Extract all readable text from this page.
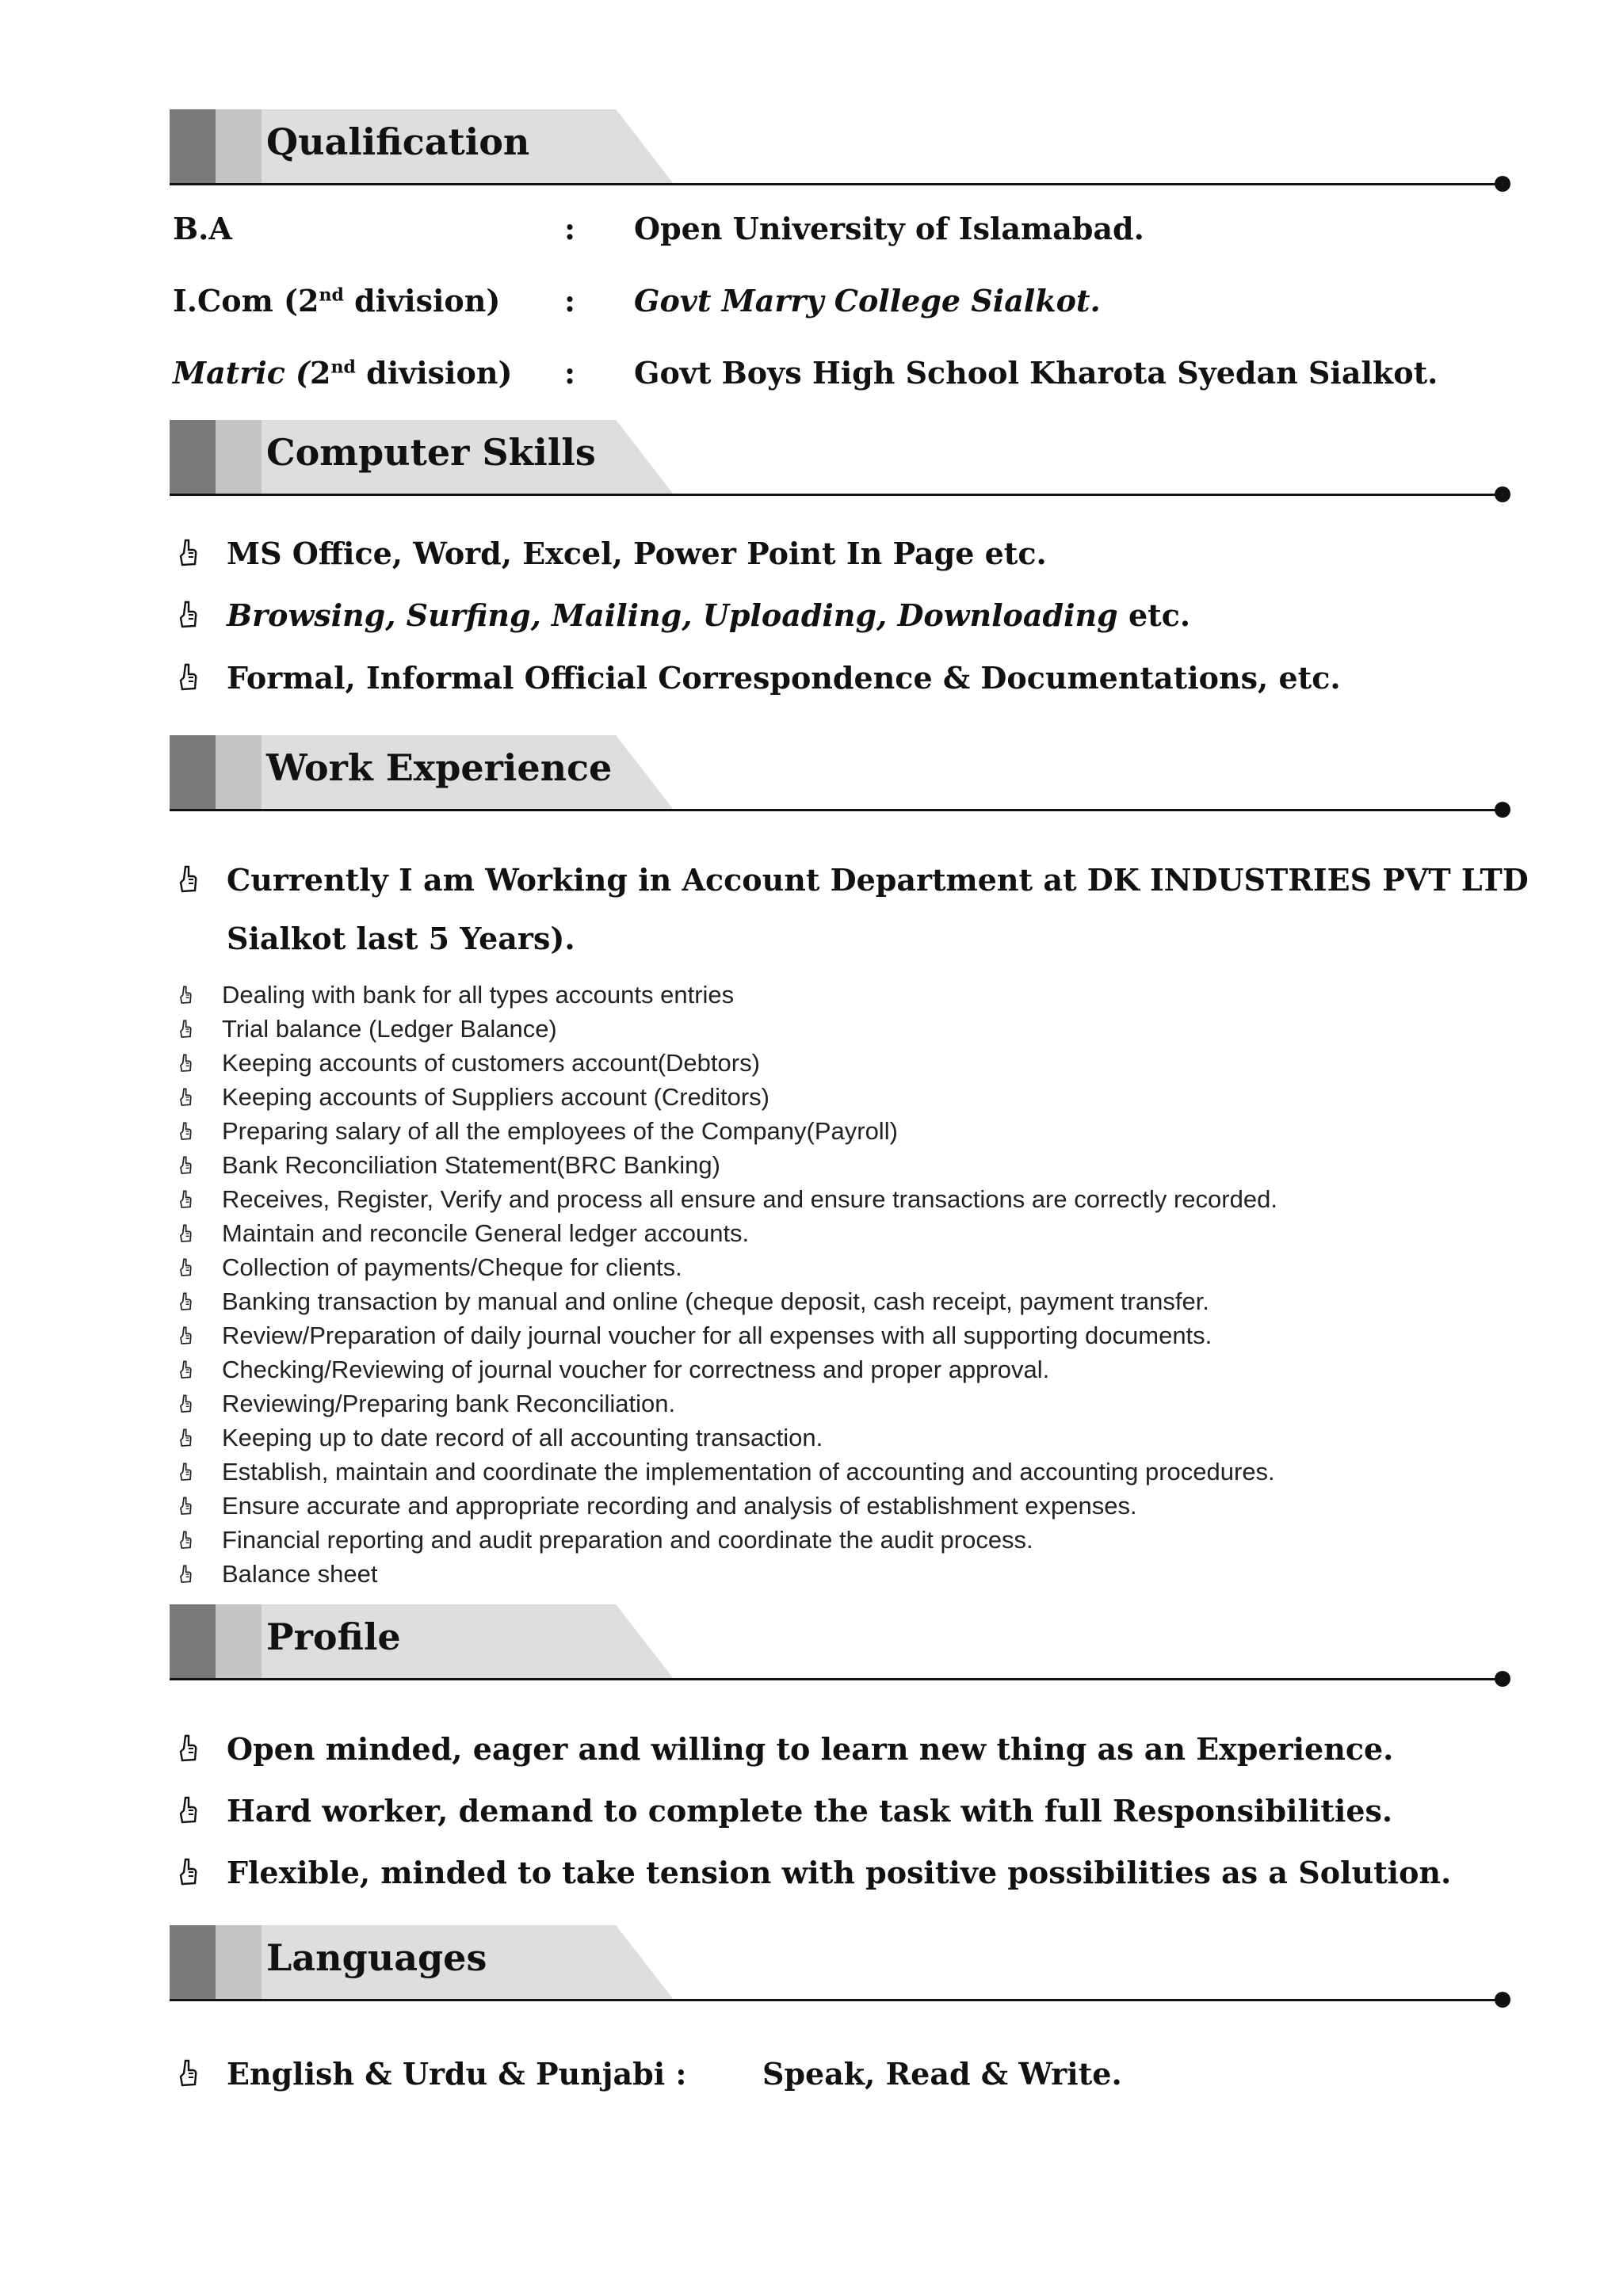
Qualification
B.A	: Open University of Islamabad.
I.Com (2nd division) : Govt Marry College Sialkot.
Matric (2nd division) : Govt Boys High School Kharota Syedan Sialkot.
Computer Skills
MS Office, Word, Excel, Power Point In Page etc.
Browsing, Surfing, Mailing, Uploading, Downloading etc.
Formal, Informal Official Correspondence & Documentations, etc.
Work Experience
Currently I am Working in Account Department at DK INDUSTRIES PVT LTD
Sialkot last 5 Years).
Dealing with bank for all types accounts entries
Trial balance (Ledger Balance)
Keeping accounts of customers account(Debtors)
Keeping accounts of Suppliers account (Creditors)
Preparing salary of all the employees of the Company(Payroll)
Bank Reconciliation Statement(BRC Banking)
Receives, Register, Verify and process all ensure and ensure transactions are correctly recorded.
Maintain and reconcile General ledger accounts.
Collection of payments/Cheque for clients.
Banking transaction by manual and online (cheque deposit, cash receipt, payment transfer.
Review/Preparation of daily journal voucher for all expenses with all supporting documents.
Checking/Reviewing of journal voucher for correctness and proper approval.
Reviewing/Preparing bank Reconciliation.
Keeping up to date record of all accounting transaction.
Establish, maintain and coordinate the implementation of accounting and accounting procedures.
Ensure accurate and appropriate recording and analysis of establishment expenses.
Financial reporting and audit preparation and coordinate the audit process.
Balance sheet
Profile
Open minded, eager and willing to learn new thing as an Experience.
Hard worker, demand to complete the task with full Responsibilities.
Flexible, minded to take tension with positive possibilities as a Solution.
Languages
English & Urdu & Punjabi :	Speak, Read & Write.
